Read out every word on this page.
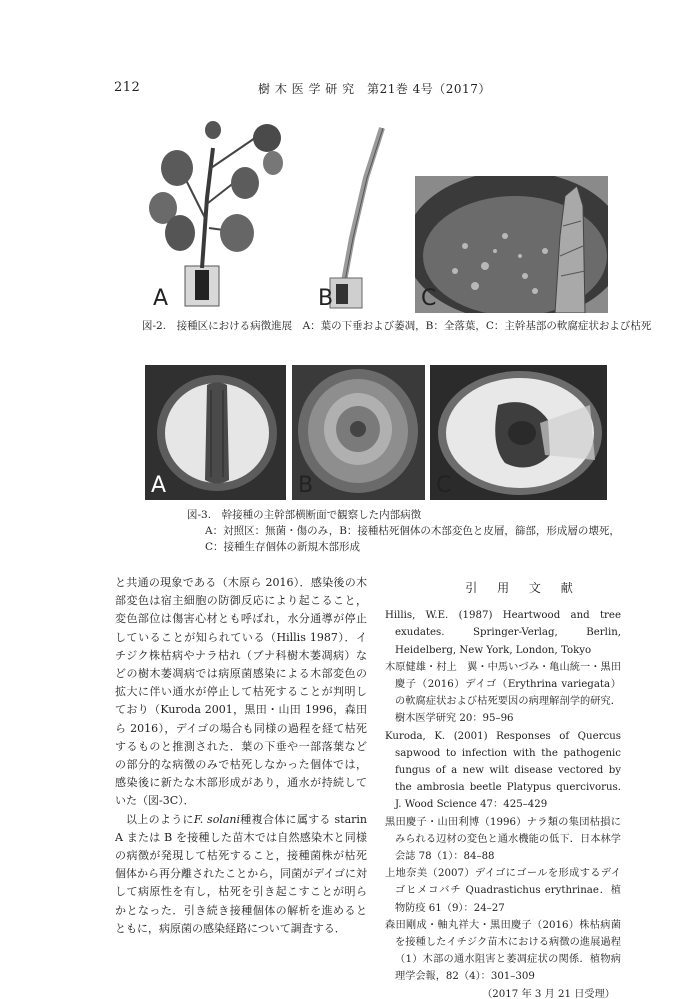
212	樹 木 医 学 研 究　第21巻 4号（2017）
A	B	C
図-2.　接種区における病徴進展　A：葉の下垂および萎凋，B：全落葉，C：主幹基部の軟腐症状および枯死
A	B	C
図-3.　幹接種の主幹部横断面で観察した内部病徴
A：対照区：無菌・傷のみ，B：接種枯死個体の木部変色と皮層，篩部，形成層の壊死，
C：接種生存個体の新規木部形成

と共通の現象である（木原ら 2016）．感染後の木部変色は宿主細胞の防御反応により起こること，変色部位は傷害心材とも呼ばれ，水分通導が停止していることが知られている（Hillis 1987）．イチジク株枯病やナラ枯れ（ブナ科樹木萎凋病）などの樹木萎凋病では病原菌感染による木部変色の拡大に伴い通水が停止して枯死することが判明しており（Kuroda 2001，黒田・山田 1996，森田ら 2016），デイゴの場合も同様の過程を経て枯死するものと推測された．葉の下垂や一部落葉などの部分的な病徴のみで枯死しなかった個体では，感染後に新たな木部形成があり，通水が持続していた（図-3C）．

以上のようにF. solani種複合体に属する starin A または B を接種した苗木では自然感染木と同様の病徴が発現して枯死すること，接種菌株が枯死個体から再分離されたことから，同菌がデイゴに対して病原性を有し，枯死を引き起こすことが明らかとなった．引き続き接種個体の解析を進めるとともに，病原菌の感染経路について調査する．

引 用 文 献
Hillis, W.E. (1987) Heartwood and tree exudates. Springer-Verlag, Berlin, Heidelberg, New York, London, Tokyo
木原健雄・村上　翼・中馬いづみ・亀山統一・黒田慶子（2016）デイゴ（Erythrina variegata）の軟腐症状および枯死要因の病理解剖学的研究．樹木医学研究 20：95–96
Kuroda, K. (2001) Responses of Quercus sapwood to infection with the pathogenic fungus of a new wilt disease vectored by the ambrosia beetle Platypus quercivorus. J. Wood Science 47：425–429
黒田慶子・山田利博（1996）ナラ類の集団枯損にみられる辺材の変色と通水機能の低下．日本林学会誌 78（1）：84–88
上地奈美（2007）デイゴにゴールを形成するデイゴヒメコバチ Quadrastichus erythrinae．植物防疫 61（9）：24–27
森田剛成・軸丸祥大・黒田慶子（2016）株枯病菌を接種したイチジク苗木における病徴の進展過程（1）木部の通水阻害と萎凋症状の関係．植物病理学会報，82（4）：301–309
（2017 年 3 月 21 日受理）
